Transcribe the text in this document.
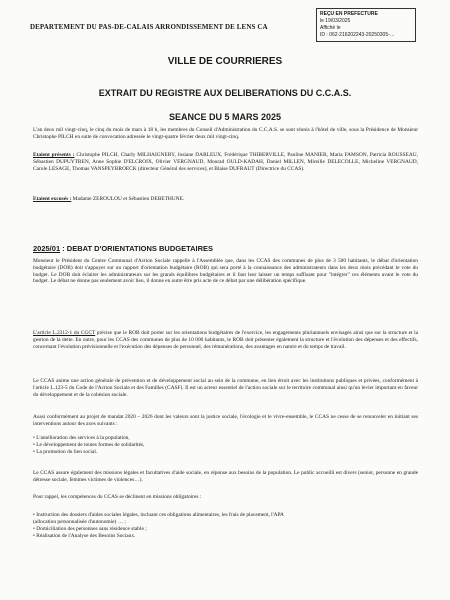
DEPARTEMENT DU PAS-DE-CALAIS ARRONDISSEMENT DE LENS CA
REÇU EN PREFECTURE
le 19/03/2025
Affiché le
ID : 062-216202243-20250305-…
VILLE DE COURRIERES
EXTRAIT DU REGISTRE AUX DELIBERATIONS DU C.C.A.S.
SEANCE DU 5 MARS 2025

L'an deux mil vingt-cinq, le cinq du mois de mars à 18 h, les membres du Conseil d'Administration du C.C.A.S. se sont réunis à l'hôtel de ville, sous la Présidence de Monsieur Christophe PILCH en suite de convocation adressée le vingt-quatre février deux mil vingt-cinq.

Etaient présents : Christophe PILCH, Charly MILHAIGNERY, Josiane DARLEUX, Frédérique THIBERVILLE, Pauline MANIER, Maria FAMSON, Patricia ROUSSEAU, Sébastien DUPUYTREN, Anne Sophie D'ELCROIX, Olivier VERGNAUD, Mourad OULD-KADAH, Daniel MILLEN, Mireille DELECOLLE, Micheline VERGNAUD, Carole LESAGE, Thomas VANSPEYBROECK (directeur Général des services), et Blaise DUFRAUT (Directrice du CCAS).

Etaient excusés : Madame ZEROULOU et Sébastien DEBETHUNE.

2025/01 : DEBAT D'ORIENTATIONS BUDGETAIRES

Monsieur le Président du Centre Communal d'Action Sociale rappelle à l'Assemblée que, dans les CCAS des communes de plus de 3 500 habitants, le débat d'orientation budgétaire (DOB) doit s'appuyer sur un rapport d'orientation budgétaire (ROB) qui sera porté à la connaissance des administrateurs dans les deux mois précédant le vote du budget. Le DOB doit éclairer les administrateurs sur les grands équilibres budgétaires et il faut leur laisser un temps suffisant pour "intégrer" ces éléments avant le vote du budget. Le débat ne donne pas seulement avoir lieu, il donne en outre être pris acte de ce débat par une délibération spécifique.

L'article L.2312-1 du CGCT précise que le ROB doit porter sur les orientations budgétaires de l'exercice, les engagements pluriannuels envisagés ainsi que sur la structure et la gestion de la dette. En outre, pour les CCAS des communes de plus de 10 000 habitants, le ROB doit présenter également la structure et l'évolution des dépenses et des effectifs, concernant l'évolution prévisionnelle et l'exécution des dépenses de personnel, des rémunérations, des avantages en nature et du temps de travail.

Le CCAS anime une action générale de prévention et de développement social au sein de la commune, en lien étroit avec les institutions publiques et privées, conformément à l'article L.123-5 du Code de l'Action Sociale et des Familles (CASF). Il est un acteur essentiel de l'action sociale sur le territoire communal ainsi qu'un levier important en faveur du développement et de la cohésion sociale.

Aussi conformément au projet de mandat 2020 – 2026 dont les valeurs sont la justice sociale, l'écologie et le vivre-ensemble, le CCAS ne cesse de se renouveler en initiant ses interventions autour des axes suivants :

• L'amélioration des services à la population,
• Le développement de toutes formes de solidarités,
• La promotion du lien social.

Le CCAS assure également des missions légales et facultatives d'aide sociale, en réponse aux besoins de la population. Le public accueilli est divers (senior, personne en grande détresse sociale, femmes victimes de violences…).

Pour rappel, les compétences du CCAS se déclinent en missions obligatoires :

• Instruction des dossiers d'aides sociales légales, incluant ces obligations alimentaires, les frais de placement, l'APA
(allocation personnalisée d'autonomie) … ;
• Domiciliation des personnes sans résidence stable ;
• Réalisation de l'Analyse des Besoins Sociaux.
